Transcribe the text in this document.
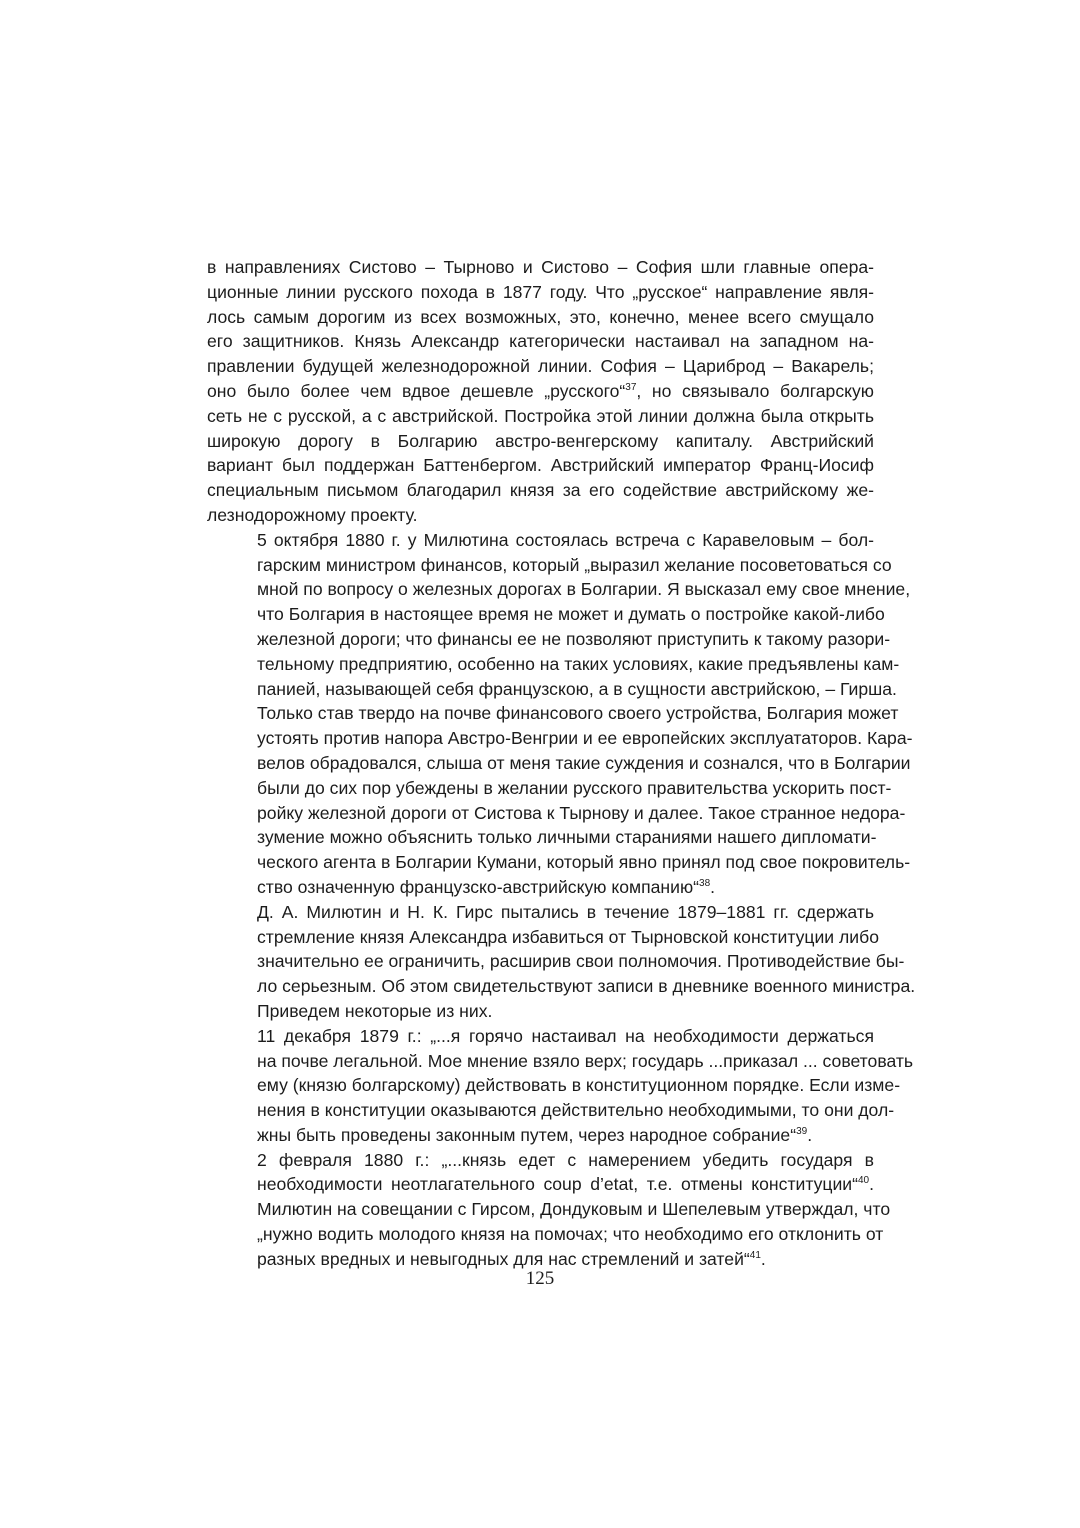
в направлениях Систово – Тырново и Систово – София шли главные опера-
ционные линии русского похода в 1877 году. Что „русское“ направление явля-
лось самым дорогим из всех возможных, это, конечно, менее всего смущало
его защитников. Князь Александр категорически настаивал на западном на-
правлении будущей железнодорожной линии. София – Цариброд – Вакарель;
оно было более чем вдвое дешевле „русского“$^{37}$, но связывало болгарскую
сеть не с русской, а с австрийской. Постройка этой линии должна была открыть
широкую дорогу в Болгарию австро-венгерскому капиталу. Австрийский
вариант был поддержан Баттенбергом. Австрийский император Франц-Иосиф
специальным письмом благодарил князя за его содействие австрийскому же-
лезнодорожному проекту.
5 октября 1880 г. у Милютина состоялась встреча с Каравеловым – бол-
гарским министром финансов, который „выразил желание посоветоваться со
мной по вопросу о железных дорогах в Болгарии. Я высказал ему свое мнение,
что Болгария в настоящее время не может и думать о постройке какой-либо
железной дороги; что финансы ее не позволяют приступить к такому разори-
тельному предприятию, особенно на таких условиях, какие предъявлены кам-
панией, называющей себя французскою, а в сущности австрийскою, – Гирша.
Только став твердо на почве финансового своего устройства, Болгария может
устоять против напора Австро-Венгрии и ее европейских эксплуататоров. Кара-
велов обрадовался, слыша от меня такие суждения и сознался, что в Болгарии
были до сих пор убеждены в желании русского правительства ускорить пост-
ройку железной дороги от Систова к Тырнову и далее. Такое странное недора-
зумение можно объяснить только личными стараниями нашего дипломати-
ческого агента в Болгарии Кумани, который явно принял под свое покровитель-
ство означенную французско-австрийскую компанию“$^{38}$.
Д. А. Милютин и Н. К. Гирс пытались в течение 1879–1881 гг. сдержать
стремление князя Александра избавиться от Тырновской конституции либо
значительно ее ограничить, расширив свои полномочия. Противодействие бы-
ло серьезным. Об этом свидетельствуют записи в дневнике военного министра.
Приведем некоторые из них.
11 декабря 1879 г.: „...я горячо настаивал на необходимости держаться
на почве легальной. Мое мнение взяло верх; государь ...приказал ... советовать
ему (князю болгарскому) действовать в конституционном порядке. Если изме-
нения в конституции оказываются действительно необходимыми, то они дол-
жны быть проведены законным путем, через народное собрание“$^{39}$.
2 февраля 1880 г.: „...князь едет с намерением убедить государя в
необходимости неотлагательного coup d’etat, т.е. отмены конституции“$^{40}$.
Милютин на совещании с Гирсом, Дондуковым и Шепелевым утверждал, что
„нужно водить молодого князя на помочах; что необходимо его отклонить от
разных вредных и невыгодных для нас стремлений и затей“$^{41}$.
125
